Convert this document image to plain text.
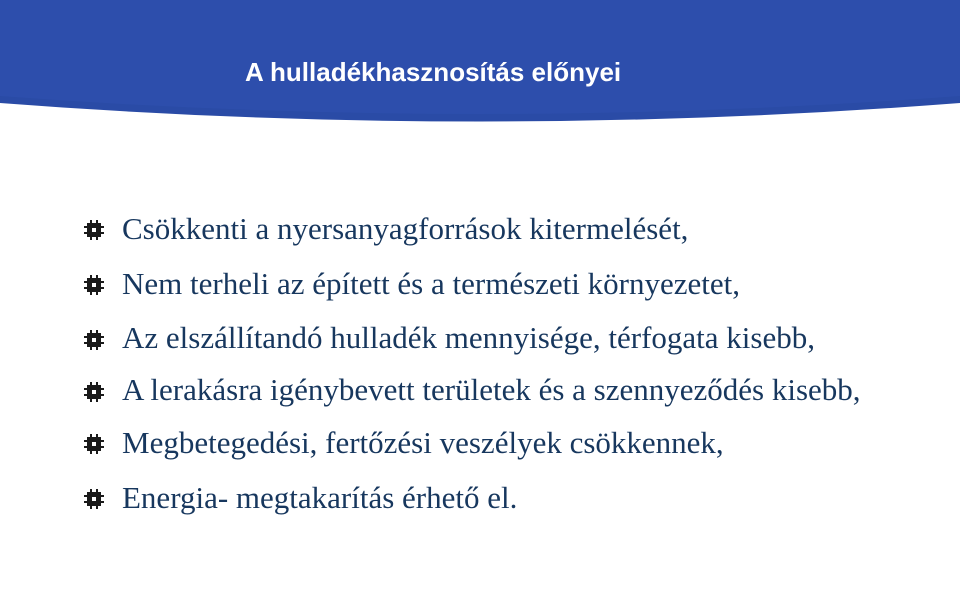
A hulladékhasznosítás előnyei
Csökkenti a nyersanyagforrások kitermelését,
Nem terheli az épített és a természeti környezetet,
Az elszállítandó hulladék mennyisége, térfogata kisebb,
A lerakásra igénybevett területek és a szennyeződés kisebb,
Megbetegedési, fertőzési veszélyek csökkennek,
Energia- megtakarítás érhető el.
